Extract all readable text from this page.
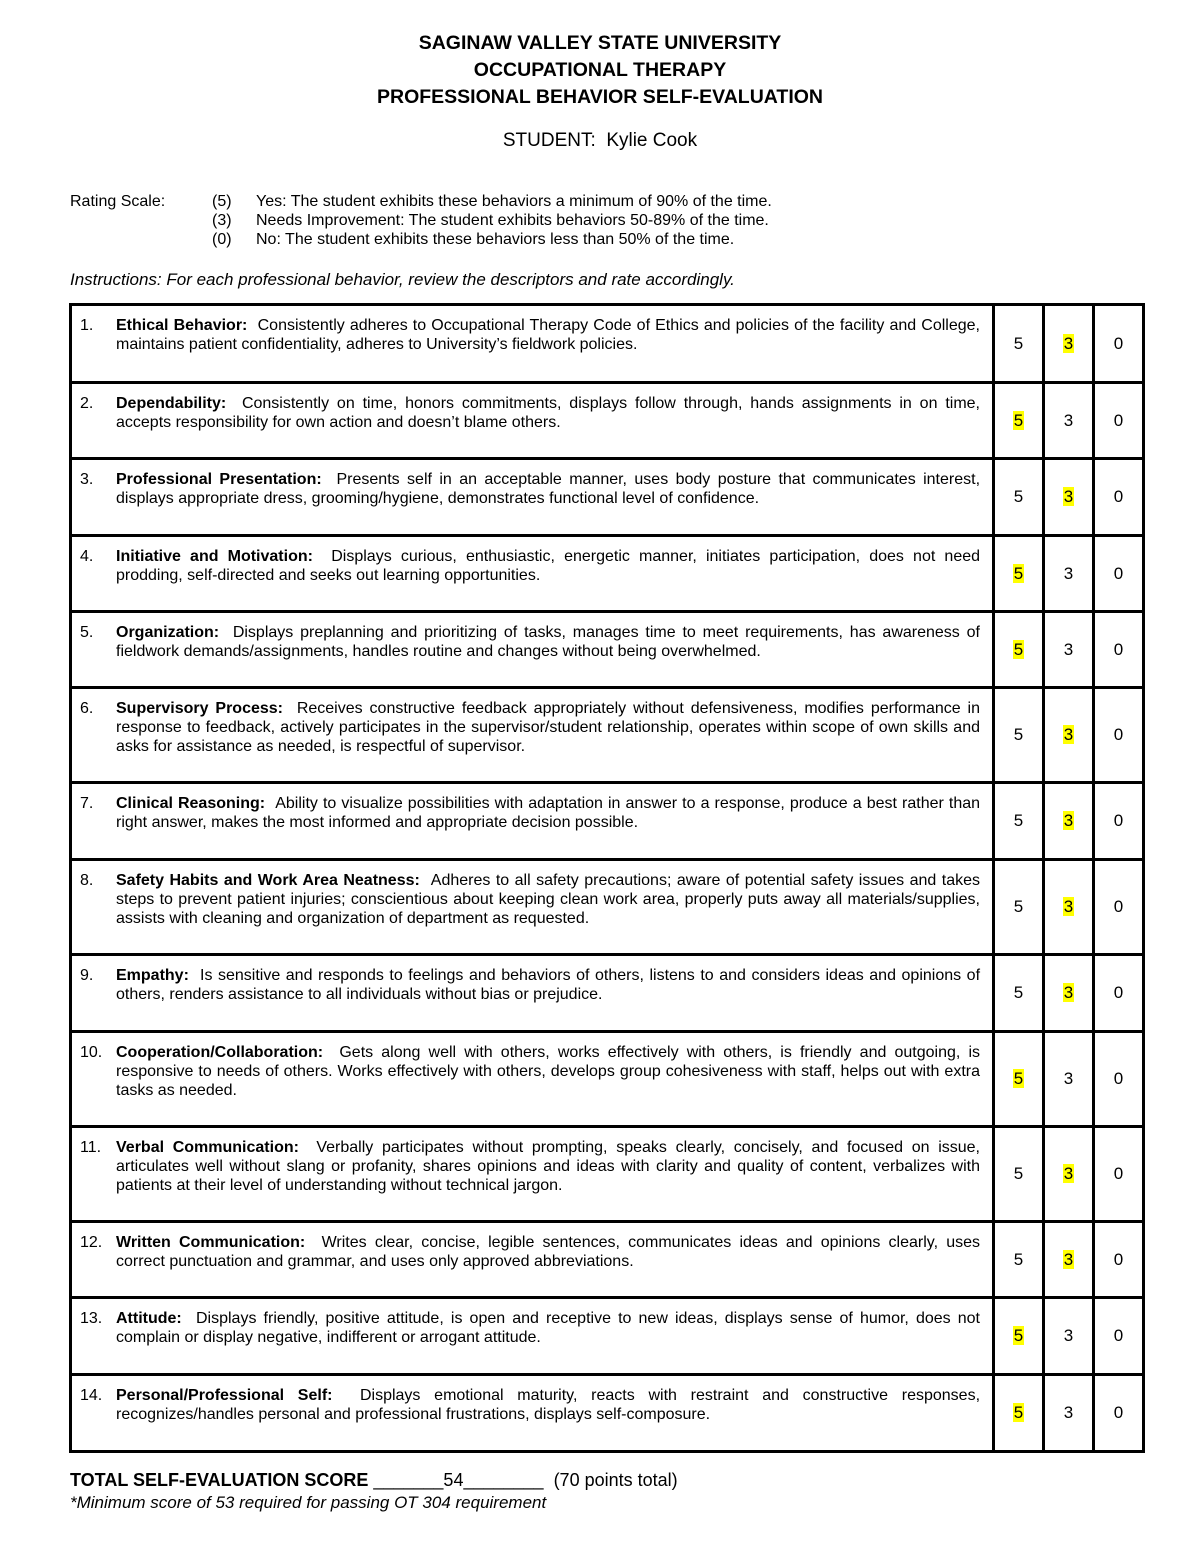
SAGINAW VALLEY STATE UNIVERSITY
OCCUPATIONAL THERAPY
PROFESSIONAL BEHAVIOR SELF-EVALUATION
STUDENT: Kylie Cook
Rating Scale:	(5) Yes: The student exhibits these behaviors a minimum of 90% of the time.
(3) Needs Improvement: The student exhibits behaviors 50-89% of the time.
(0) No: The student exhibits these behaviors less than 50% of the time.
Instructions: For each professional behavior, review the descriptors and rate accordingly.
1. Ethical Behavior: Consistently adheres to Occupational Therapy Code of Ethics and policies of the facility and College, maintains patient confidentiality, adheres to University’s fieldwork policies.	5	3	0

2. Dependability: Consistently on time, honors commitments, displays follow through, hands assignments in on time, accepts responsibility for own action and doesn’t blame others.	5	3	0

3. Professional Presentation: Presents self in an acceptable manner, uses body posture that communicates interest, displays appropriate dress, grooming/hygiene, demonstrates functional level of confidence.	5	3	0

4. Initiative and Motivation: Displays curious, enthusiastic, energetic manner, initiates participation, does not need prodding, self-directed and seeks out learning opportunities.	5	3	0

5. Organization: Displays preplanning and prioritizing of tasks, manages time to meet requirements, has awareness of fieldwork demands/assignments, handles routine and changes without being overwhelmed.	5	3	0

6. Supervisory Process: Receives constructive feedback appropriately without defensiveness, modifies performance in response to feedback, actively participates in the supervisor/student relationship, operates within scope of own skills and asks for assistance as needed, is respectful of supervisor.	5	3	0

7. Clinical Reasoning: Ability to visualize possibilities with adaptation in answer to a response, produce a best rather than right answer, makes the most informed and appropriate decision possible.	5	3	0

8. Safety Habits and Work Area Neatness: Adheres to all safety precautions; aware of potential safety issues and takes steps to prevent patient injuries; conscientious about keeping clean work area, properly puts away all materials/supplies, assists with cleaning and organization of department as requested.	5	3	0

9. Empathy: Is sensitive and responds to feelings and behaviors of others, listens to and considers ideas and opinions of others, renders assistance to all individuals without bias or prejudice.	5	3	0

10. Cooperation/Collaboration: Gets along well with others, works effectively with others, is friendly and outgoing, is responsive to needs of others. Works effectively with others, develops group cohesiveness with staff, helps out with extra tasks as needed.	5	3	0

11. Verbal Communication: Verbally participates without prompting, speaks clearly, concisely, and focused on issue, articulates well without slang or profanity, shares opinions and ideas with clarity and quality of content, verbalizes with patients at their level of understanding without technical jargon.	5	3	0

12. Written Communication: Writes clear, concise, legible sentences, communicates ideas and opinions clearly, uses correct punctuation and grammar, and uses only approved abbreviations.	5	3	0

13. Attitude: Displays friendly, positive attitude, is open and receptive to new ideas, displays sense of humor, does not complain or display negative, indifferent or arrogant attitude.	5	3	0

14. Personal/Professional Self: Displays emotional maturity, reacts with restraint and constructive responses, recognizes/handles personal and professional frustrations, displays self-composure.	5	3	0
TOTAL SELF-EVALUATION SCORE _______54________ (70 points total)
*Minimum score of 53 required for passing OT 304 requirement
